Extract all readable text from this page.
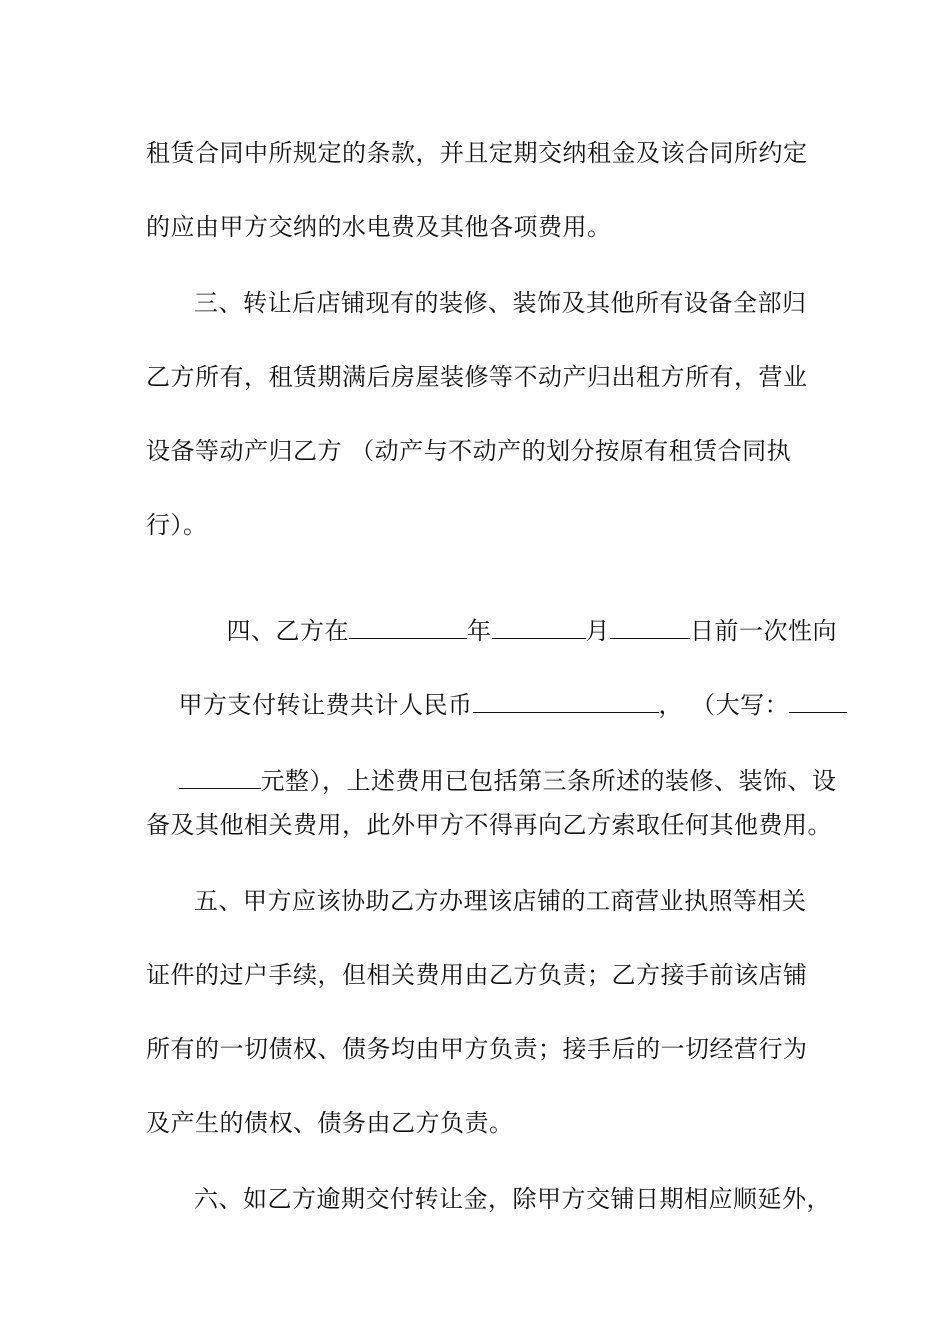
租赁合同中所规定的条款，并且定期交纳租金及该合同所约定
的应由甲方交纳的水电费及其他各项费用。
三、转让后店铺现有的装修、装饰及其他所有设备全部归
乙方所有，租赁期满后房屋装修等不动产归出租方所有，营业
设备等动产归乙方 （动产与不动产的划分按原有租赁合同执
行）。

四、乙方在	年	月	日前一次性向

甲方支付转让费共计人民币	， （大写：

元整），上述费用已包括第三条所述的装修、装饰、设

备及其他相关费用，此外甲方不得再向乙方索取任何其他费用。
五、甲方应该协助乙方办理该店铺的工商营业执照等相关
证件的过户手续，但相关费用由乙方负责；乙方接手前该店铺
所有的一切债权、债务均由甲方负责；接手后的一切经营行为
及产生的债权、债务由乙方负责。
六、如乙方逾期交付转让金，除甲方交铺日期相应顺延外，
